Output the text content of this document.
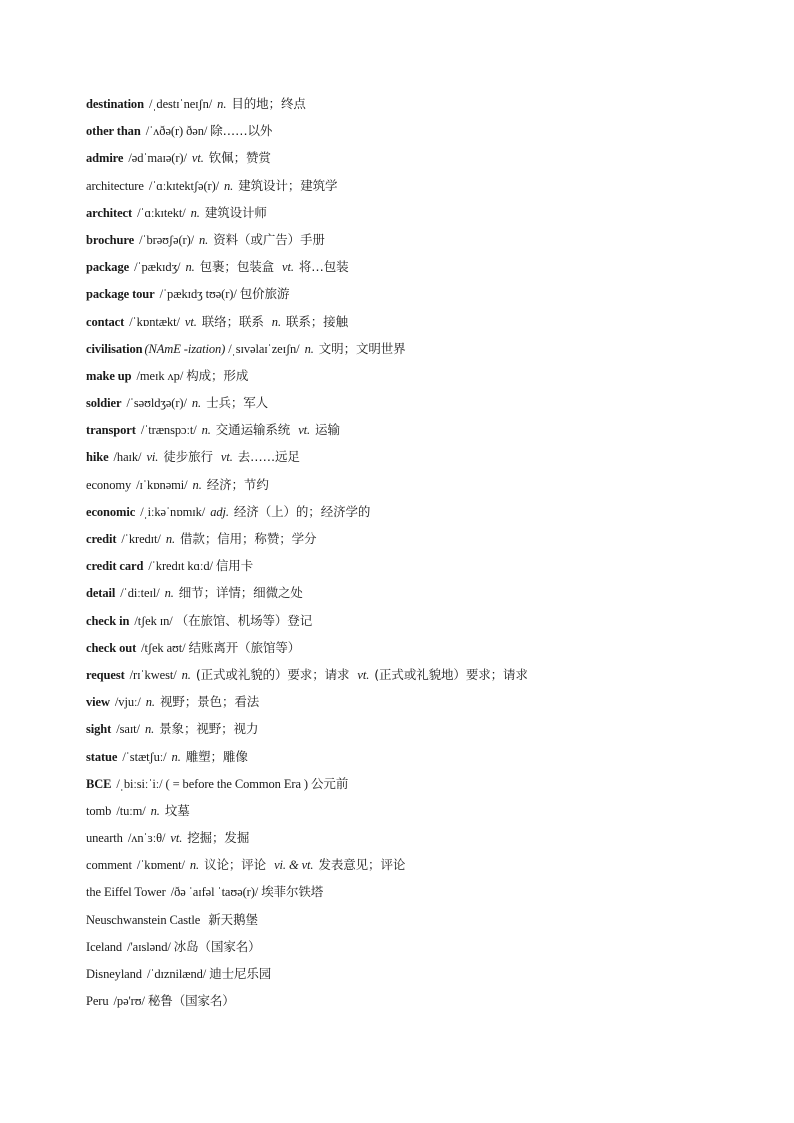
destination /ˌdestɪˈneɪʃn/ n. 目的地；终点
other than /ˈʌðə(r) ðən/ 除……以外
admire /ədˈmaɪə(r)/ vt. 钦佩；赞赏
architecture /ˈɑːkɪtektʃə(r)/ n. 建筑设计；建筑学
architect /ˈɑːkɪtekt/ n. 建筑设计师
brochure /ˈbrəʊʃə(r)/ n. 资料（或广告）手册
package /ˈpækɪdʒ/ n. 包裹；包装盒 vt. 将…包装
package tour /ˈpækɪdʒ tʊə(r)/ 包价旅游
contact /ˈkɒntækt/ vt. 联络；联系 n. 联系；接触
civilisation (NAmE -ization) /ˌsɪvəlaɪˈzeɪʃn/ n. 文明；文明世界
make up /meɪk ʌp/ 构成；形成
soldier /ˈsəʊldʒə(r)/ n. 士兵；军人
transport /ˈtrænspɔːt/ n. 交通运输系统 vt. 运输
hike /haɪk/ vi. 徒步旅行 vt. 去……远足
economy /ɪˈkɒnəmi/ n. 经济；节约
economic /ˌiːkəˈnɒmɪk/ adj. 经济（上）的；经济学的
credit /ˈkredɪt/ n. 借款；信用；称赞；学分
credit card /ˈkredɪt kɑːd/ 信用卡
detail /ˈdiːteɪl/ n. 细节；详情；细微之处
check in /tʃek ɪn/ （在旅馆、机场等）登记
check out /tʃek aʊt/ 结账离开（旅馆等）
request /rɪˈkwest/ n. (正式或礼貌的）要求；请求 vt. (正式或礼貌地）要求；请求
view /vjuː/ n. 视野；景色；看法
sight /saɪt/ n. 景象；视野；视力
statue /ˈstætʃuː/ n. 雕塑；雕像
BCE /ˌbiːsiːˈiː/ ( = before the Common Era ) 公元前
tomb /tuːm/ n. 坟墓
unearth /ʌnˈɜːθ/ vt. 挖掘；发掘
comment /ˈkɒment/ n. 议论；评论 vi. & vt. 发表意见；评论
the Eiffel Tower /ðə ˈaɪfəl ˈtaʊə(r)/ 埃菲尔铁塔
Neuschwanstein Castle 新天鹅堡
Iceland /'aɪslənd/ 冰岛（国家名）
Disneyland /ˈdɪznilænd/ 迪士尼乐园
Peru /pə'rʊ/ 秘鲁（国家名）
